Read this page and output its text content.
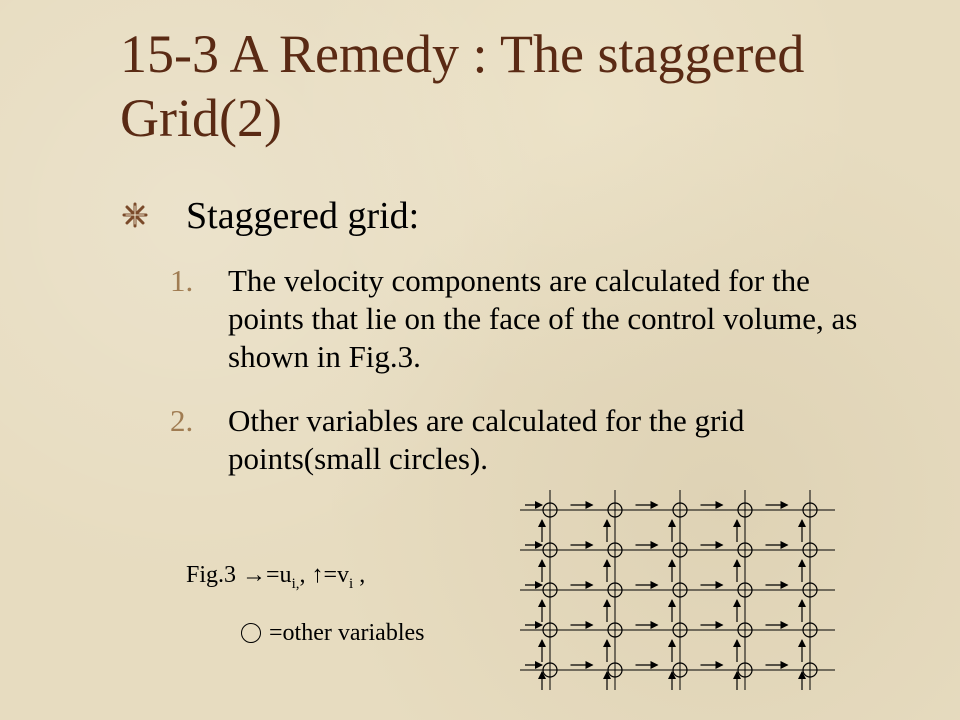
15-3 A Remedy : The staggered Grid(2)
Staggered grid:
1.	The velocity components are calculated for the points that lie on the face of the control volume, as shown in Fig.3.
2.	Other variables are calculated for the grid points(small circles).
$Fig.3 \to=u_{i,}$, $↑=v_i$ ,
=other variables
